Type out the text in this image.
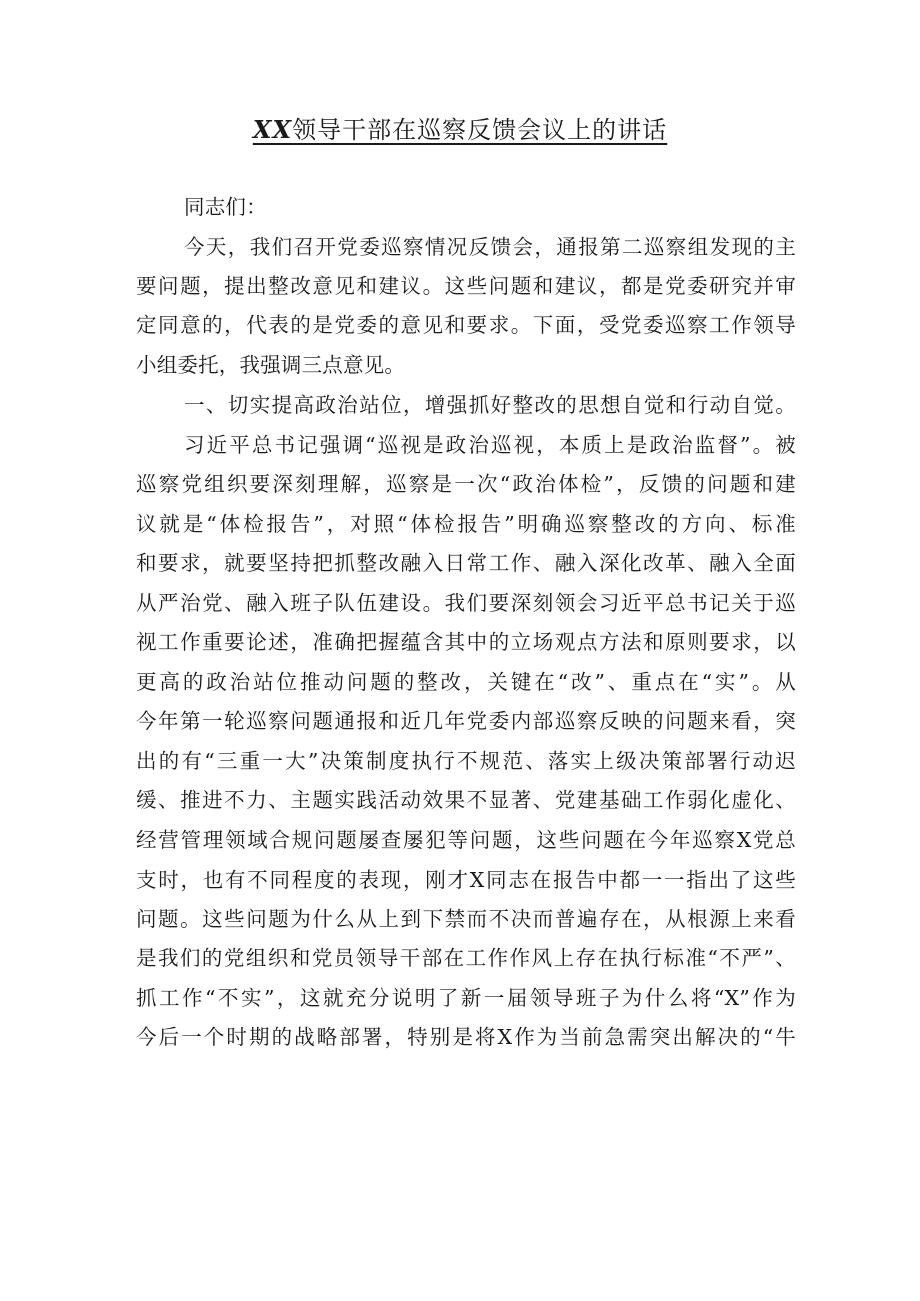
XX领导干部在巡察反馈会议上的讲话
同志们：
今天，我们召开党委巡察情况反馈会，通报第二巡察组发现的主
要问题，提出整改意见和建议。这些问题和建议，都是党委研究并审
定同意的，代表的是党委的意见和要求。下面，受党委巡察工作领导
小组委托，我强调三点意见。
一、切实提高政治站位，增强抓好整改的思想自觉和行动自觉。
习近平总书记强调“巡视是政治巡视，本质上是政治监督”。被
巡察党组织要深刻理解，巡察是一次“政治体检”，反馈的问题和建
议就是“体检报告”，对照“体检报告”明确巡察整改的方向、标准
和要求，就要坚持把抓整改融入日常工作、融入深化改革、融入全面
从严治党、融入班子队伍建设。我们要深刻领会习近平总书记关于巡
视工作重要论述，准确把握蕴含其中的立场观点方法和原则要求，以
更高的政治站位推动问题的整改，关键在“改”、重点在“实”。从
今年第一轮巡察问题通报和近几年党委内部巡察反映的问题来看，突
出的有“三重一大”决策制度执行不规范、落实上级决策部署行动迟
缓、推进不力、主题实践活动效果不显著、党建基础工作弱化虚化、
经营管理领域合规问题屡查屡犯等问题，这些问题在今年巡察X党总
支时，也有不同程度的表现，刚才X同志在报告中都一一指出了这些
问题。这些问题为什么从上到下禁而不决而普遍存在，从根源上来看
是我们的党组织和党员领导干部在工作作风上存在执行标准“不严”、
抓工作“不实”，这就充分说明了新一届领导班子为什么将“X”作为
今后一个时期的战略部署，特别是将X作为当前急需突出解决的“牛
